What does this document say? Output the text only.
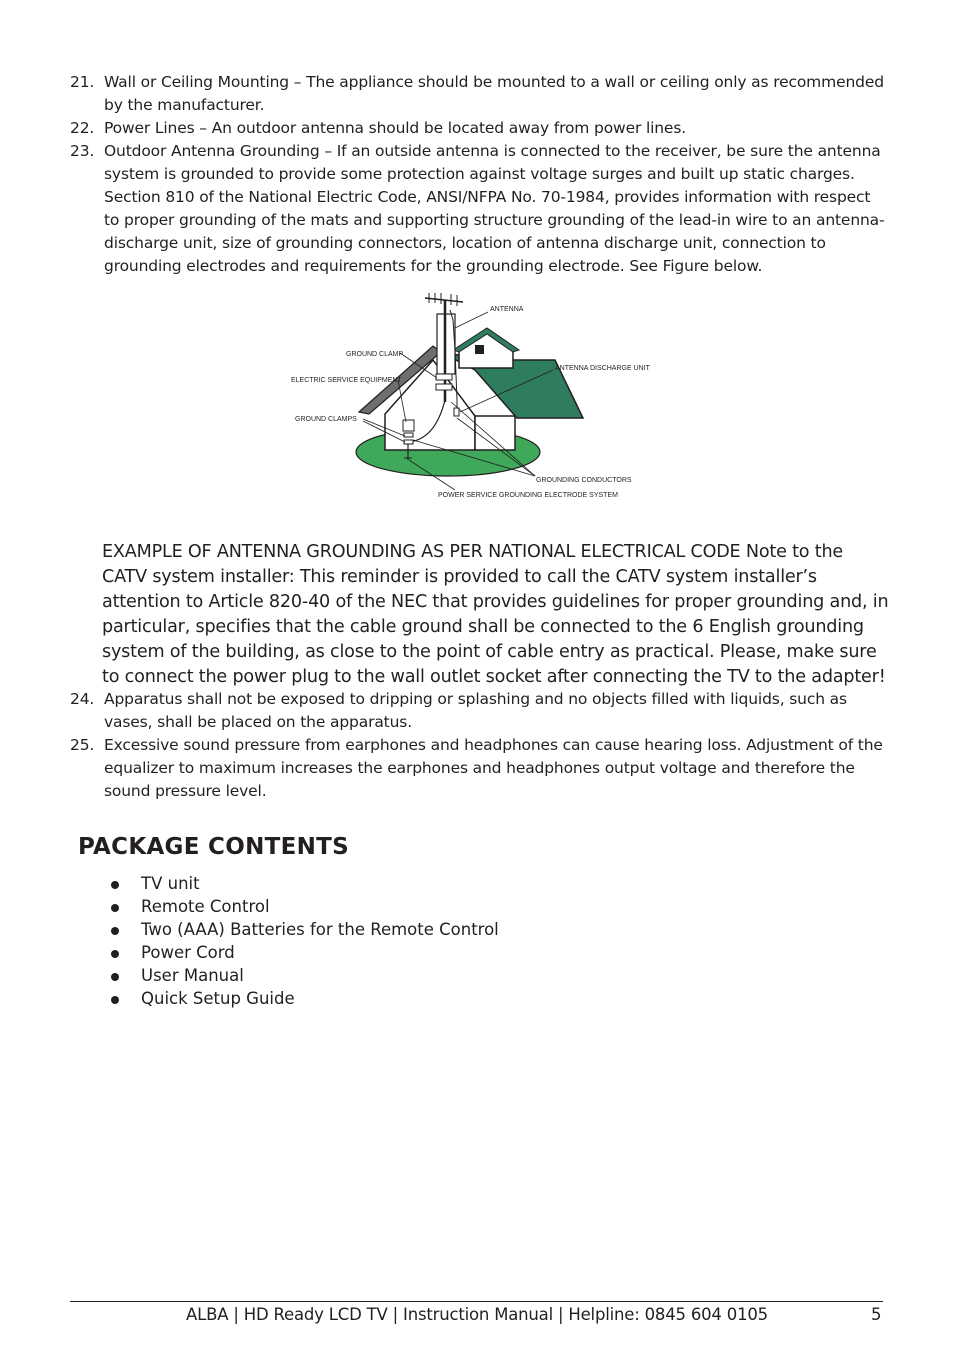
21. Wall or Ceiling Mounting – The appliance should be mounted to a wall or ceiling only as recommended by the manufacturer.
22. Power Lines – An outdoor antenna should be located away from power lines.
23. Outdoor Antenna Grounding – If an outside antenna is connected to the receiver, be sure the antenna system is grounded to provide some protection against voltage surges and built up static charges. Section 810 of the National Electric Code, ANSI/NFPA No. 70-1984, provides information with respect to proper grounding of the mats and supporting structure grounding of the lead-in wire to an antenna-discharge unit, size of grounding connectors, location of antenna discharge unit, connection to grounding electrodes and requirements for the grounding electrode. See Figure below.
ANTENNA
GROUND CLAMP
ELECTRIC SERVICE EQUIPMENT
GROUND CLAMPS
ANTENNA DISCHARGE UNIT
GROUNDING CONDUCTORS
POWER SERVICE GROUNDING ELECTRODE SYSTEM
EXAMPLE OF ANTENNA GROUNDING AS PER NATIONAL ELECTRICAL CODE Note to the CATV system installer: This reminder is provided to call the CATV system installer’s attention to Article 820-40 of the NEC that provides guidelines for proper grounding and, in particular, specifies that the cable ground shall be connected to the 6 English grounding system of the building, as close to the point of cable entry as practical. Please, make sure to connect the power plug to the wall outlet socket after connecting the TV to the adapter!
24. Apparatus shall not be exposed to dripping or splashing and no objects filled with liquids, such as vases, shall be placed on the apparatus.
25. Excessive sound pressure from earphones and headphones can cause hearing loss. Adjustment of the equalizer to maximum increases the earphones and headphones output voltage and therefore the sound pressure level.
PACKAGE CONTENTS
TV unit
Remote Control
Two (AAA) Batteries for the Remote Control
Power Cord
User Manual
Quick Setup Guide
ALBA | HD Ready LCD TV | Instruction Manual | Helpline: 0845 604 0105	5
